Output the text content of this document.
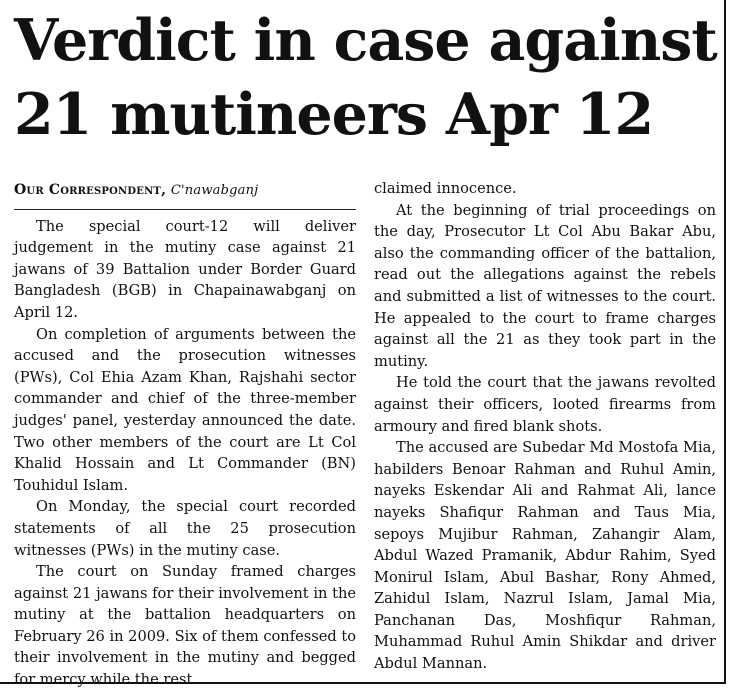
Verdict in case against
21 mutineers Apr 12
Our Correspondent, C'nawabganj

The special court-12 will deliver judgement in the mutiny case against 21 jawans of 39 Battalion under Border Guard Bangladesh (BGB) in Chapainawabganj on April 12.

On completion of arguments between the accused and the prosecution witnesses (PWs), Col Ehia Azam Khan, Rajshahi sector commander and chief of the three-member judges' panel, yesterday announced the date. Two other members of the court are Lt Col Khalid Hossain and Lt Commander (BN) Touhidul Islam.

On Monday, the special court recorded statements of all the 25 prosecution witnesses (PWs) in the mutiny case.

The court on Sunday framed charges against 21 jawans for their involvement in the mutiny at the battalion headquarters on February 26 in 2009. Six of them confessed to their involvement in the mutiny and begged for mercy while the rest

claimed innocence.

At the beginning of trial proceedings on the day, Prosecutor Lt Col Abu Bakar Abu, also the commanding officer of the battalion, read out the allegations against the rebels and submitted a list of witnesses to the court. He appealed to the court to frame charges against all the 21 as they took part in the mutiny.

He told the court that the jawans revolted against their officers, looted firearms from armoury and fired blank shots.

The accused are Subedar Md Mostofa Mia, habilders Benoar Rahman and Ruhul Amin, nayeks Eskendar Ali and Rahmat Ali, lance nayeks Shafiqur Rahman and Taus Mia, sepoys Mujibur Rahman, Zahangir Alam, Abdul Wazed Pramanik, Abdur Rahim, Syed Monirul Islam, Abul Bashar, Rony Ahmed, Zahidul Islam, Nazrul Islam, Jamal Mia, Panchanan Das, Moshfiqur Rahman, Muhammad Ruhul Amin Shikdar and driver Abdul Mannan.
